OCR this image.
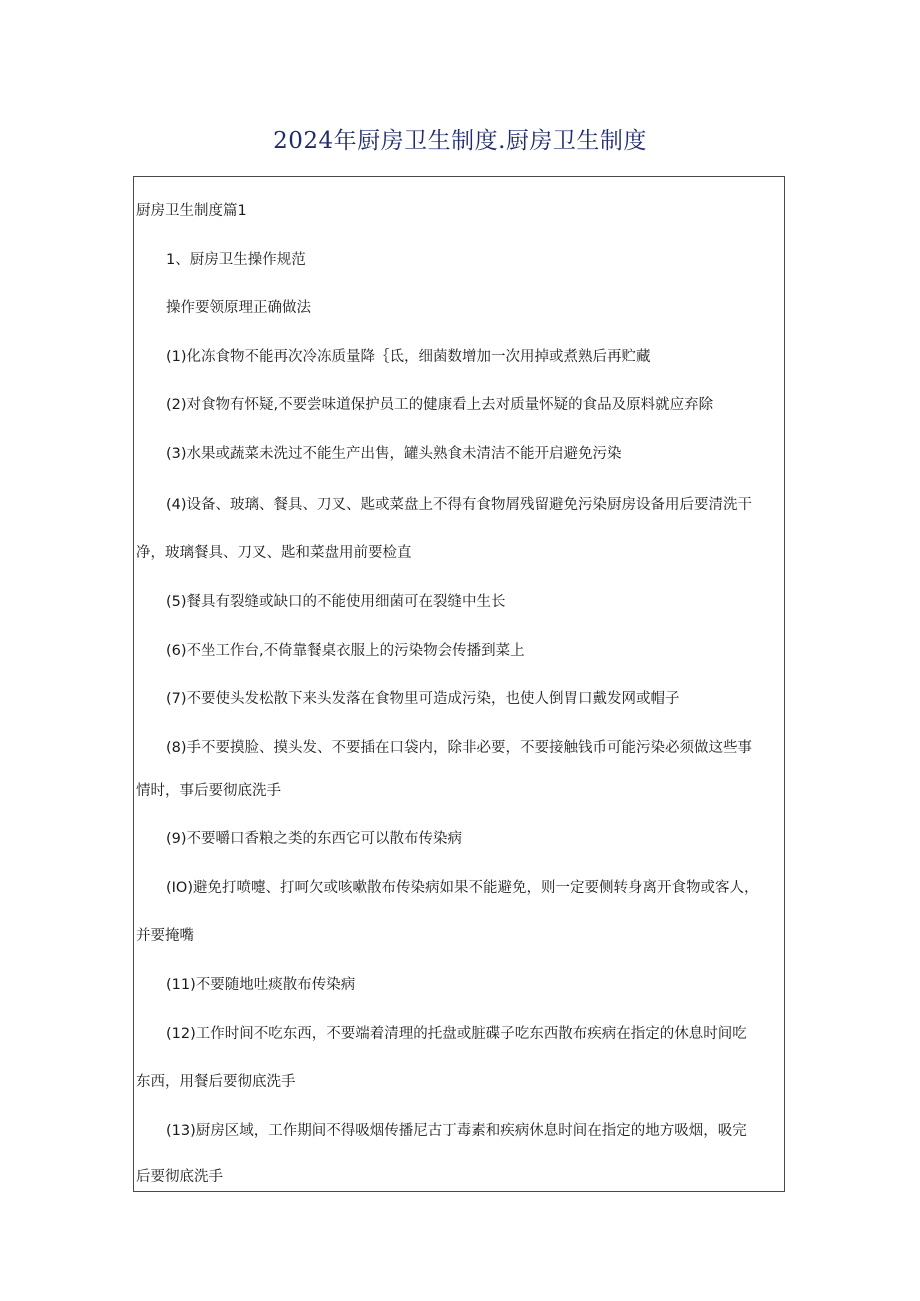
2024年厨房卫生制度.厨房卫生制度
厨房卫生制度篇1
1、厨房卫生操作规范
操作要领原理正确做法
(1)化冻食物不能再次冷冻质量降｛氐，细菌数增加一次用掉或煮熟后再贮藏
(2)对食物有怀疑,不要尝味道保护员工的健康看上去对质量怀疑的食品及原料就应弃除
(3)水果或蔬菜未洗过不能生产出售，罐头熟食未清洁不能开启避免污染
(4)设备、玻璃、餐具、刀叉、匙或菜盘上不得有食物屑残留避免污染厨房设备用后要清洗干
净，玻璃餐具、刀叉、匙和菜盘用前要检直
(5)餐具有裂缝或缺口的不能使用细菌可在裂缝中生长
(6)不坐工作台,不倚靠餐桌衣服上的污染物会传播到菜上
(7)不要使头发松散下来头发落在食物里可造成污染，也使人倒胃口戴发网或帽子
(8)手不要摸脸、摸头发、不要插在口袋内，除非必要，不要接触钱币可能污染必须做这些事
情时，事后要彻底洗手
(9)不要嚼口香粮之类的东西它可以散布传染病
(IO)避免打喷嚏、打呵欠或咳嗽散布传染病如果不能避免，则一定要侧转身离开食物或客人，
并要掩嘴
(11)不要随地吐痰散布传染病
(12)工作时间不吃东西，不要端着清理的托盘或脏碟子吃东西散布疾病在指定的休息时间吃
东西，用餐后要彻底洗手
(13)厨房区域，工作期间不得吸烟传播尼古丁毒素和疾病休息时间在指定的地方吸烟，吸完
后要彻底洗手
